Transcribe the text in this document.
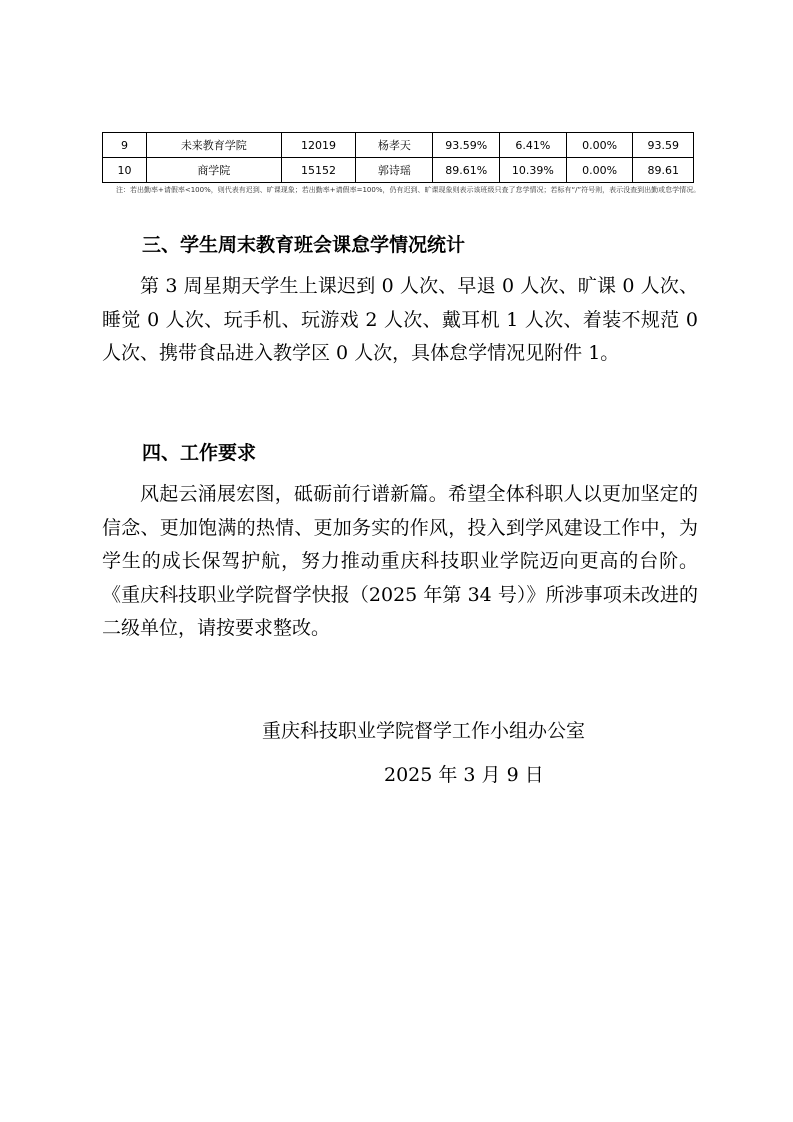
9	未来教育学院	12019	杨孝天	93.59%	6.41%	0.00%	93.59
10	商学院	15152	郭诗瑶	89.61%	10.39%	0.00%	89.61
注：若出勤率+请假率<100%，则代表有迟到、旷课现象；若出勤率+请假率=100%，仍有迟到、旷课现象则表示该班级只查了怠学情况；若标有“/”符号则，表示没查到出勤或怠学情况。
三、学生周末教育班会课怠学情况统计
第 3 周星期天学生上课迟到 0 人次、早退 0 人次、旷课 0 人次、睡觉 0 人次、玩手机、玩游戏 2 人次、戴耳机 1 人次、着装不规范 0 人次、携带食品进入教学区 0 人次，具体怠学情况见附件 1。
四、工作要求
风起云涌展宏图，砥砺前行谱新篇。希望全体科职人以更加坚定的信念、更加饱满的热情、更加务实的作风，投入到学风建设工作中，为学生的成长保驾护航，努力推动重庆科技职业学院迈向更高的台阶。《重庆科技职业学院督学快报（2025 年第 34 号）》所涉事项未改进的二级单位，请按要求整改。
重庆科技职业学院督学工作小组办公室
2025 年 3 月 9 日
